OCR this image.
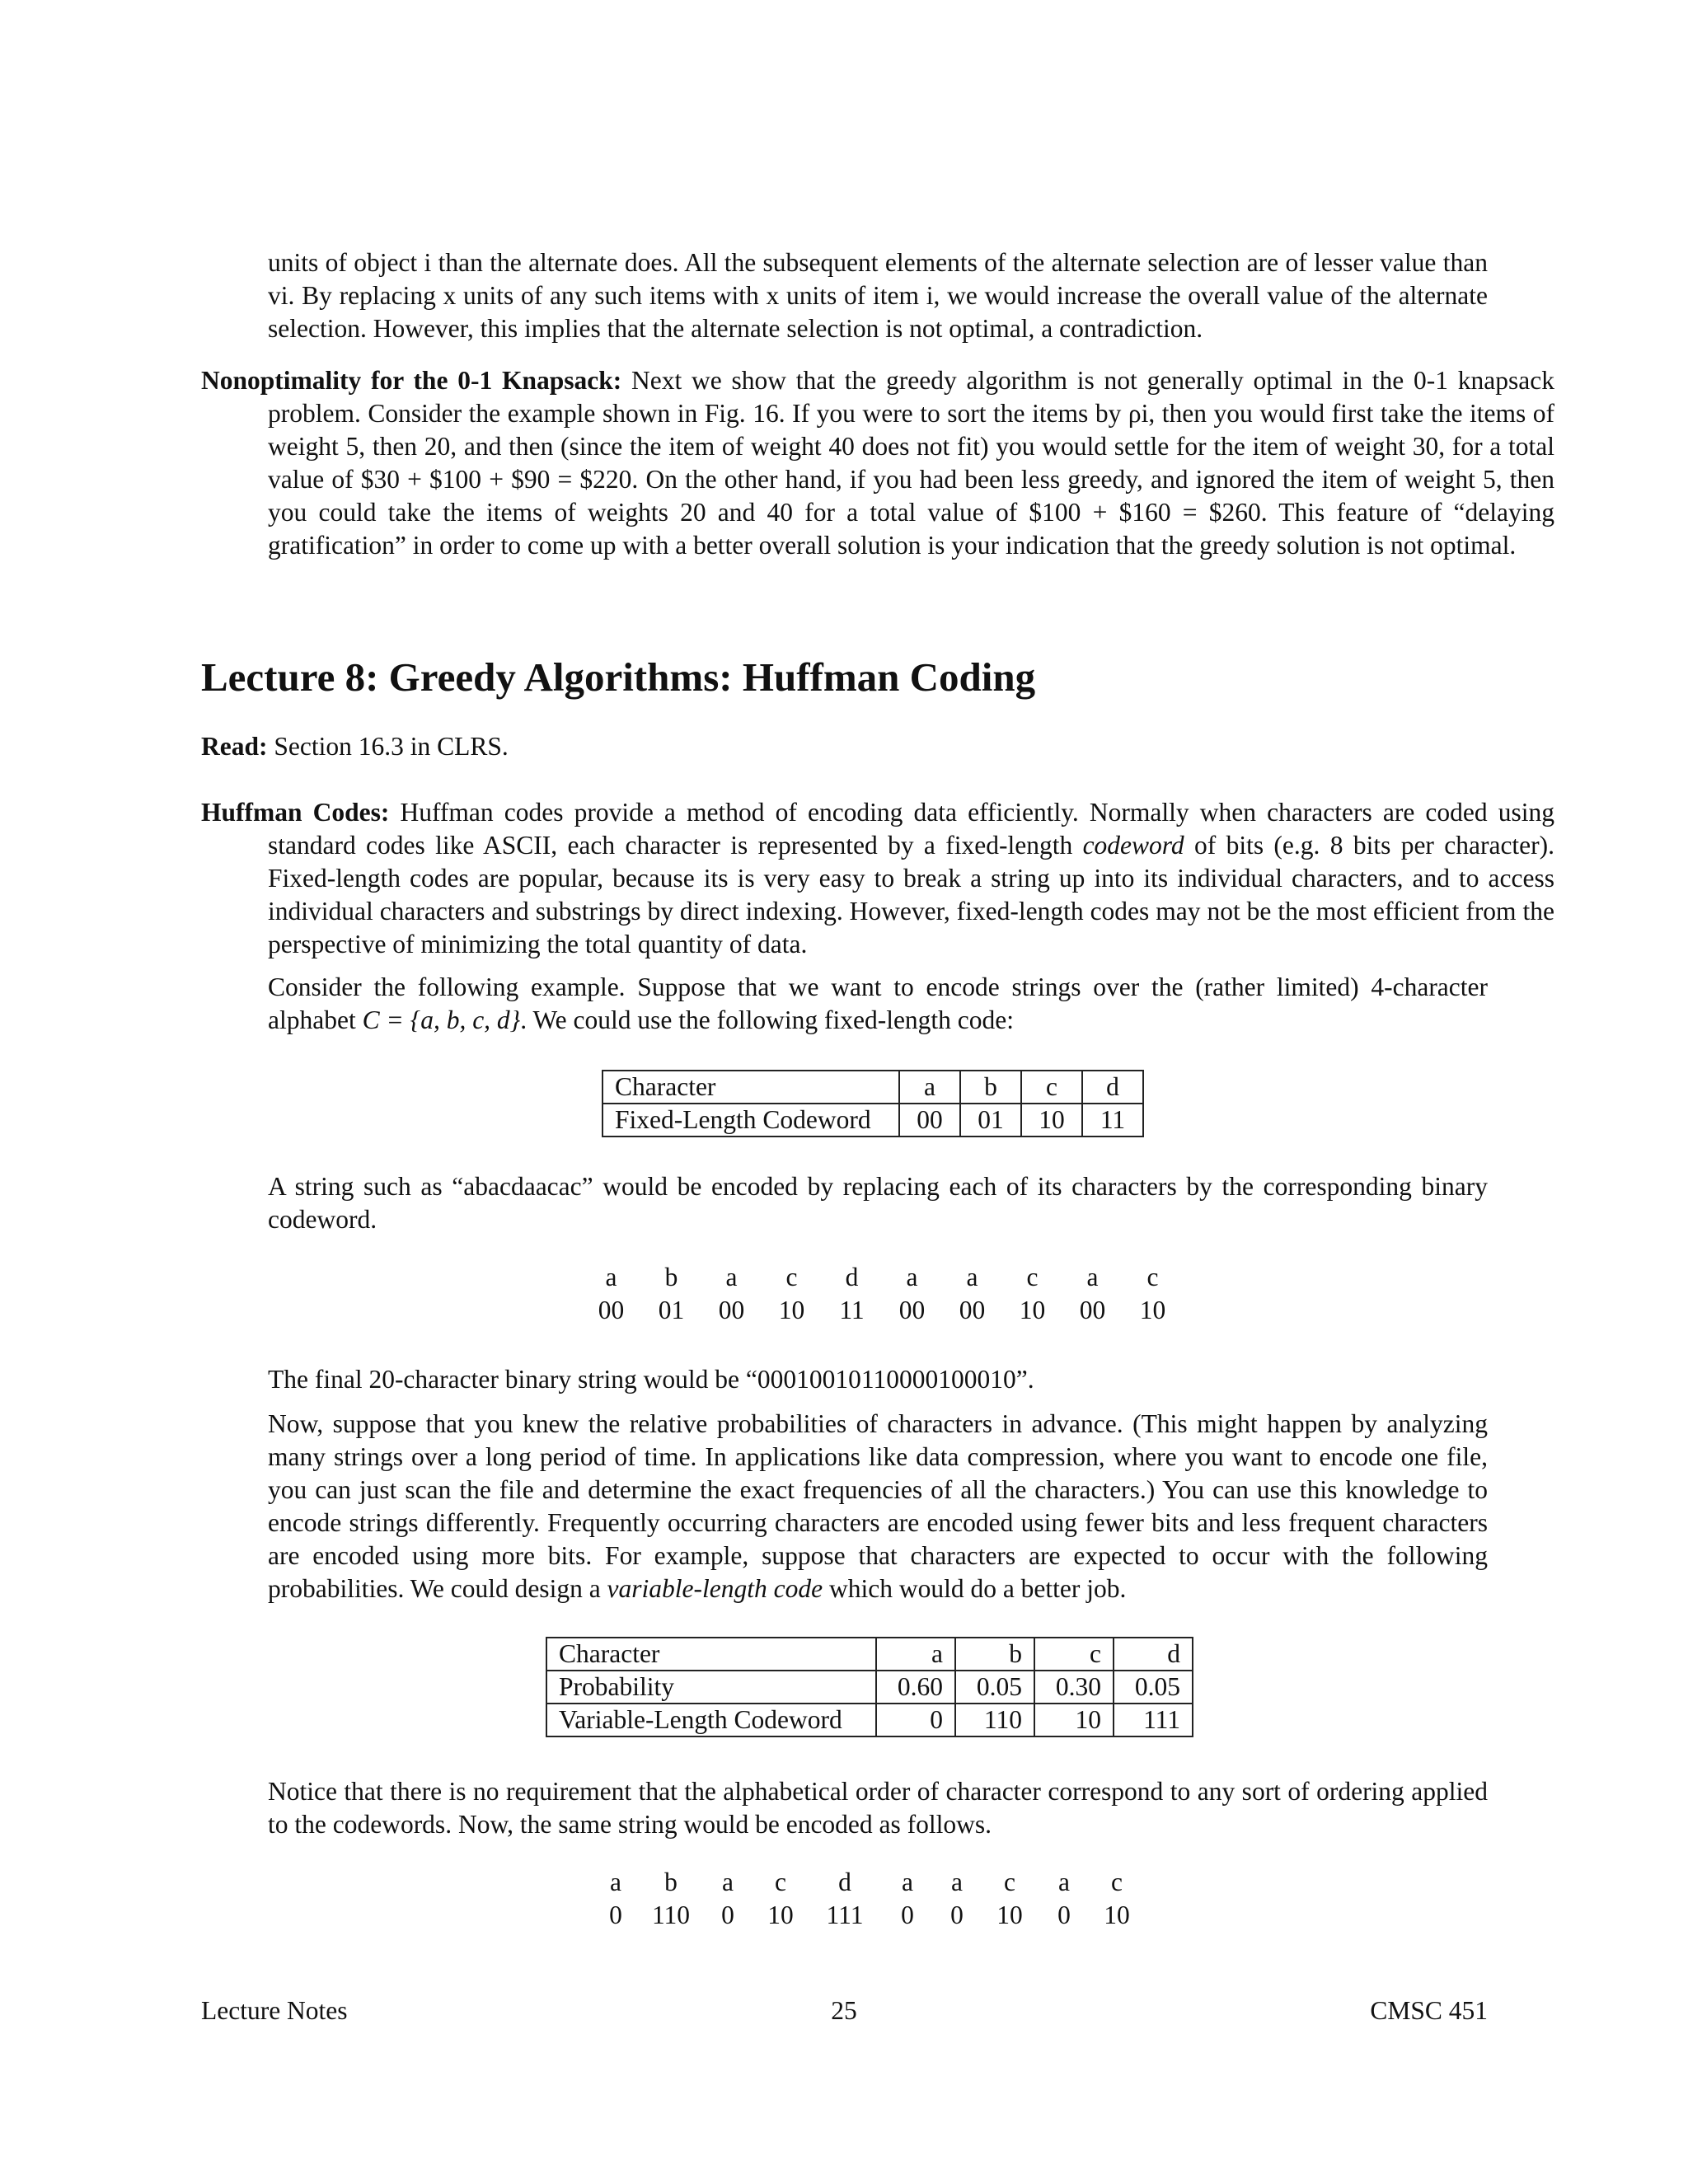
units of object i than the alternate does. All the subsequent elements of the alternate selection are of lesser value than vi. By replacing x units of any such items with x units of item i, we would increase the overall value of the alternate selection. However, this implies that the alternate selection is not optimal, a contradiction.
Nonoptimality for the 0-1 Knapsack: Next we show that the greedy algorithm is not generally optimal in the 0-1 knapsack problem. Consider the example shown in Fig. 16. If you were to sort the items by ρi, then you would first take the items of weight 5, then 20, and then (since the item of weight 40 does not fit) you would settle for the item of weight 30, for a total value of $30 + $100 + $90 = $220. On the other hand, if you had been less greedy, and ignored the item of weight 5, then you could take the items of weights 20 and 40 for a total value of $100 + $160 = $260. This feature of “delaying gratification” in order to come up with a better overall solution is your indication that the greedy solution is not optimal.
Lecture 8: Greedy Algorithms: Huffman Coding
Read: Section 16.3 in CLRS.
Huffman Codes: Huffman codes provide a method of encoding data efficiently. Normally when characters are coded using standard codes like ASCII, each character is represented by a fixed-length codeword of bits (e.g. 8 bits per character). Fixed-length codes are popular, because its is very easy to break a string up into its individual characters, and to access individual characters and substrings by direct indexing. However, fixed-length codes may not be the most efficient from the perspective of minimizing the total quantity of data.
Consider the following example. Suppose that we want to encode strings over the (rather limited) 4-character alphabet C = {a, b, c, d}. We could use the following fixed-length code:
Character	a	b	c	d
Fixed-Length Codeword	00	01	10	11
A string such as “abacdaacac” would be encoded by replacing each of its characters by the corresponding binary codeword.
a	b	a	c	d	a	a	c	a	c
00	01	00	10	11	00	00	10	00	10
The final 20-character binary string would be “00010010110000100010”.
Now, suppose that you knew the relative probabilities of characters in advance. (This might happen by analyzing many strings over a long period of time. In applications like data compression, where you want to encode one file, you can just scan the file and determine the exact frequencies of all the characters.) You can use this knowledge to encode strings differently. Frequently occurring characters are encoded using fewer bits and less frequent characters are encoded using more bits. For example, suppose that characters are expected to occur with the following probabilities. We could design a variable-length code which would do a better job.
Character	a	b	c	d
Probability	0.60	0.05	0.30	0.05
Variable-Length Codeword	0	110	10	111
Notice that there is no requirement that the alphabetical order of character correspond to any sort of ordering applied to the codewords. Now, the same string would be encoded as follows.
a	b	a	c	d	a	a	c	a	c
0	110	0	10	111	0	0	10	0	10
Lecture Notes	25	CMSC 451
